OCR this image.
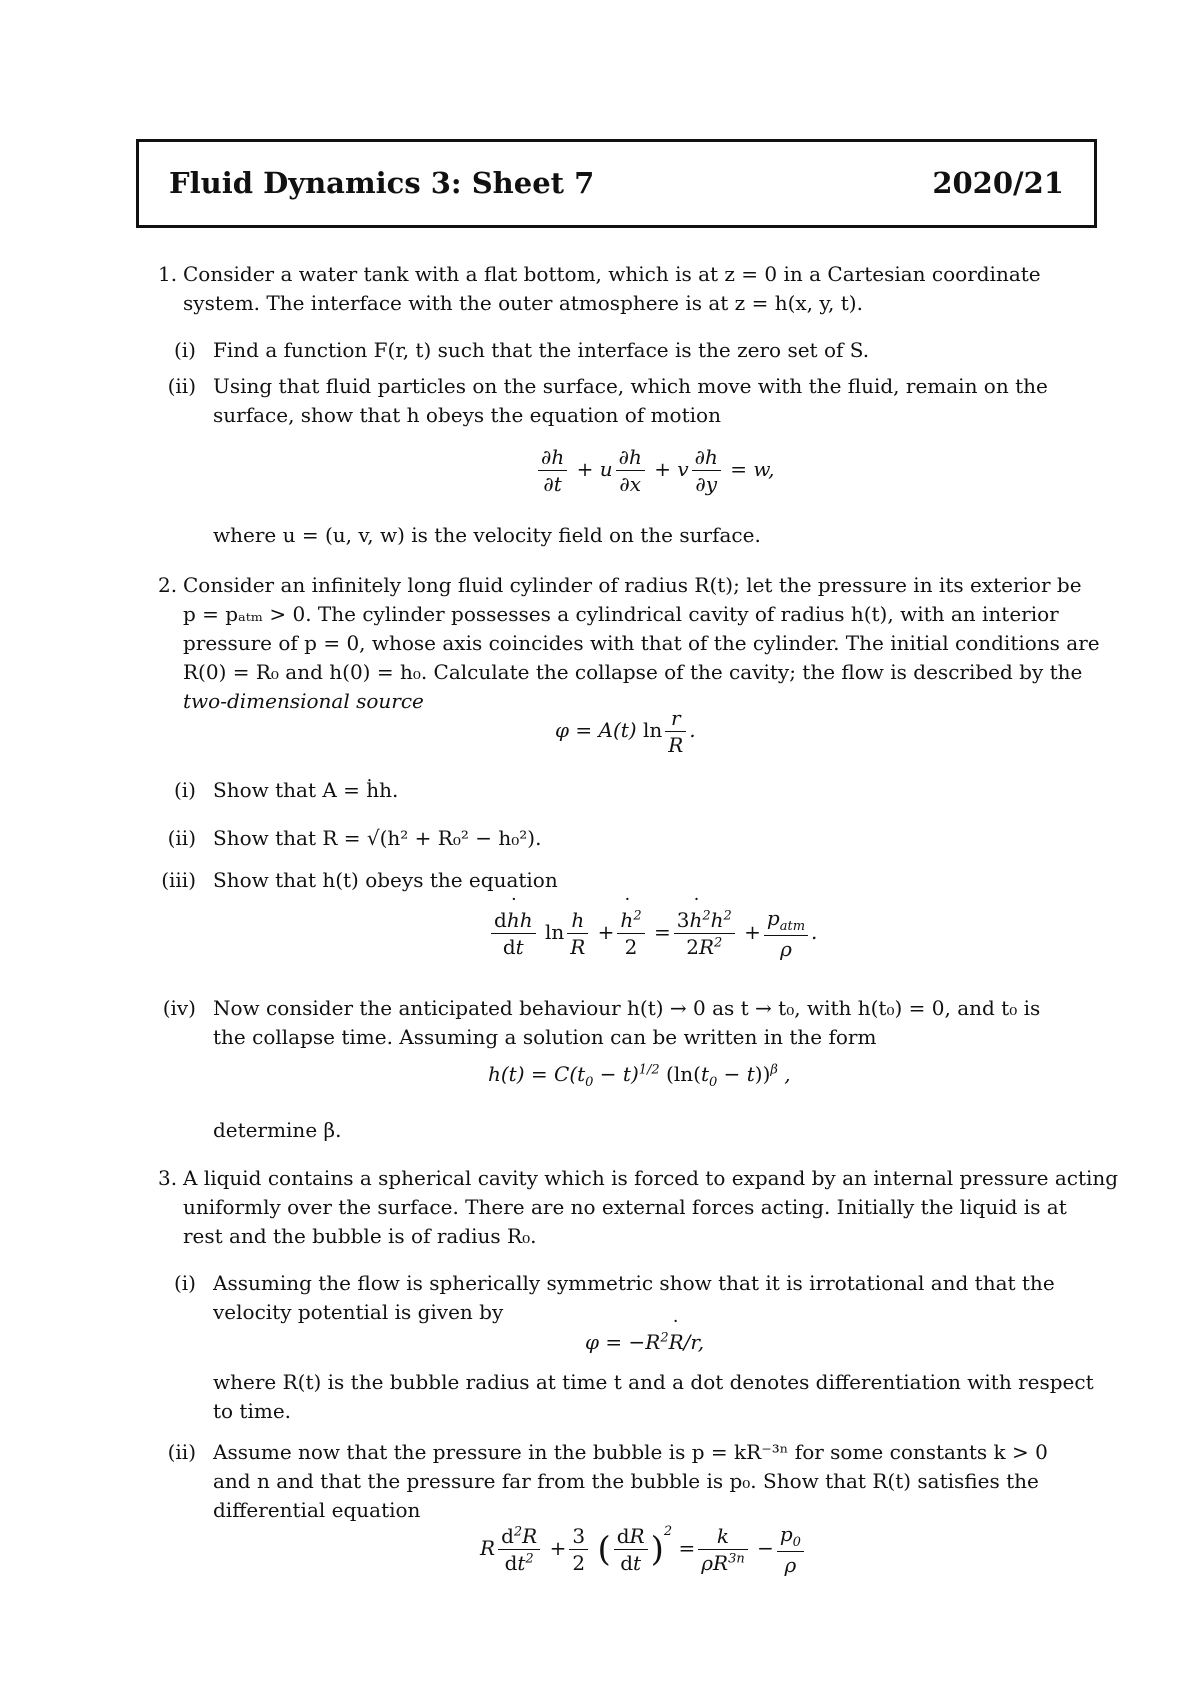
Fluid Dynamics 3: Sheet 7	2020/21
1. Consider a water tank with a flat bottom, which is at z = 0 in a Cartesian coordinate
system. The interface with the outer atmosphere is at z = h(x, y, t).
(i) Find a function F(r, t) such that the interface is the zero set of S.
(ii) Using that fluid particles on the surface, which move with the fluid, remain on the
surface, show that h obeys the equation of motion
$\frac{\partial h}{\partial t} + u \frac{\partial h}{\partial x} + v \frac{\partial h}{\partial y} = w$,
where u = (u, v, w) is the velocity field on the surface.
2. Consider an infinitely long fluid cylinder of radius R(t); let the pressure in its exterior be
p = pₐₜₘ > 0. The cylinder possesses a cylindrical cavity of radius h(t), with an interior
pressure of p = 0, whose axis coincides with that of the cylinder. The initial conditions are
R(0) = R₀ and h(0) = h₀. Calculate the collapse of the cavity; the flow is described by the
two-dimensional source
φ = A(t) $\ln \frac{r}{R}$ .
(i) Show that A = ḣh.
(ii) Show that R = √(h² + R₀² − h₀²).
(iii) Show that h(t) obeys the equation
$\frac{dh ˙h}{dt}$ $\ln \frac{h}{R} + \frac{h ˙^2}{2} = \frac{3h ˙^2h^2}{2R^2} + \frac{p_{atm}}{\rho}$ .
(iv) Now consider the anticipated behaviour h(t) → 0 as t → t₀, with h(t₀) = 0, and t₀ is
the collapse time. Assuming a solution can be written in the form
$h(t) = C(t_0 - t)^{1/2}$ $(\ln(t_0 - t))^\beta$ ,
determine β.
3. A liquid contains a spherical cavity which is forced to expand by an internal pressure acting
uniformly over the surface. There are no external forces acting. Initially the liquid is at
rest and the bubble is of radius R₀.
(i) Assuming the flow is spherically symmetric show that it is irrotational and that the
velocity potential is given by
$\varphi = -R^2R$ ˙/r,
where R(t) is the bubble radius at time t and a dot denotes differentiation with respect
to time.
(ii) Assume now that the pressure in the bubble is p = kR⁻³ⁿ for some constants k > 0
and n and that the pressure far from the bubble is p₀. Show that R(t) satisfies the
differential equation
R $\frac{d^2R}{dt^2} + \frac{3}{2}$ ( $\frac{dR}{dt} )^2 = \frac{k}{\rho R^{3n}} - \frac{p_0}{\rho}$
